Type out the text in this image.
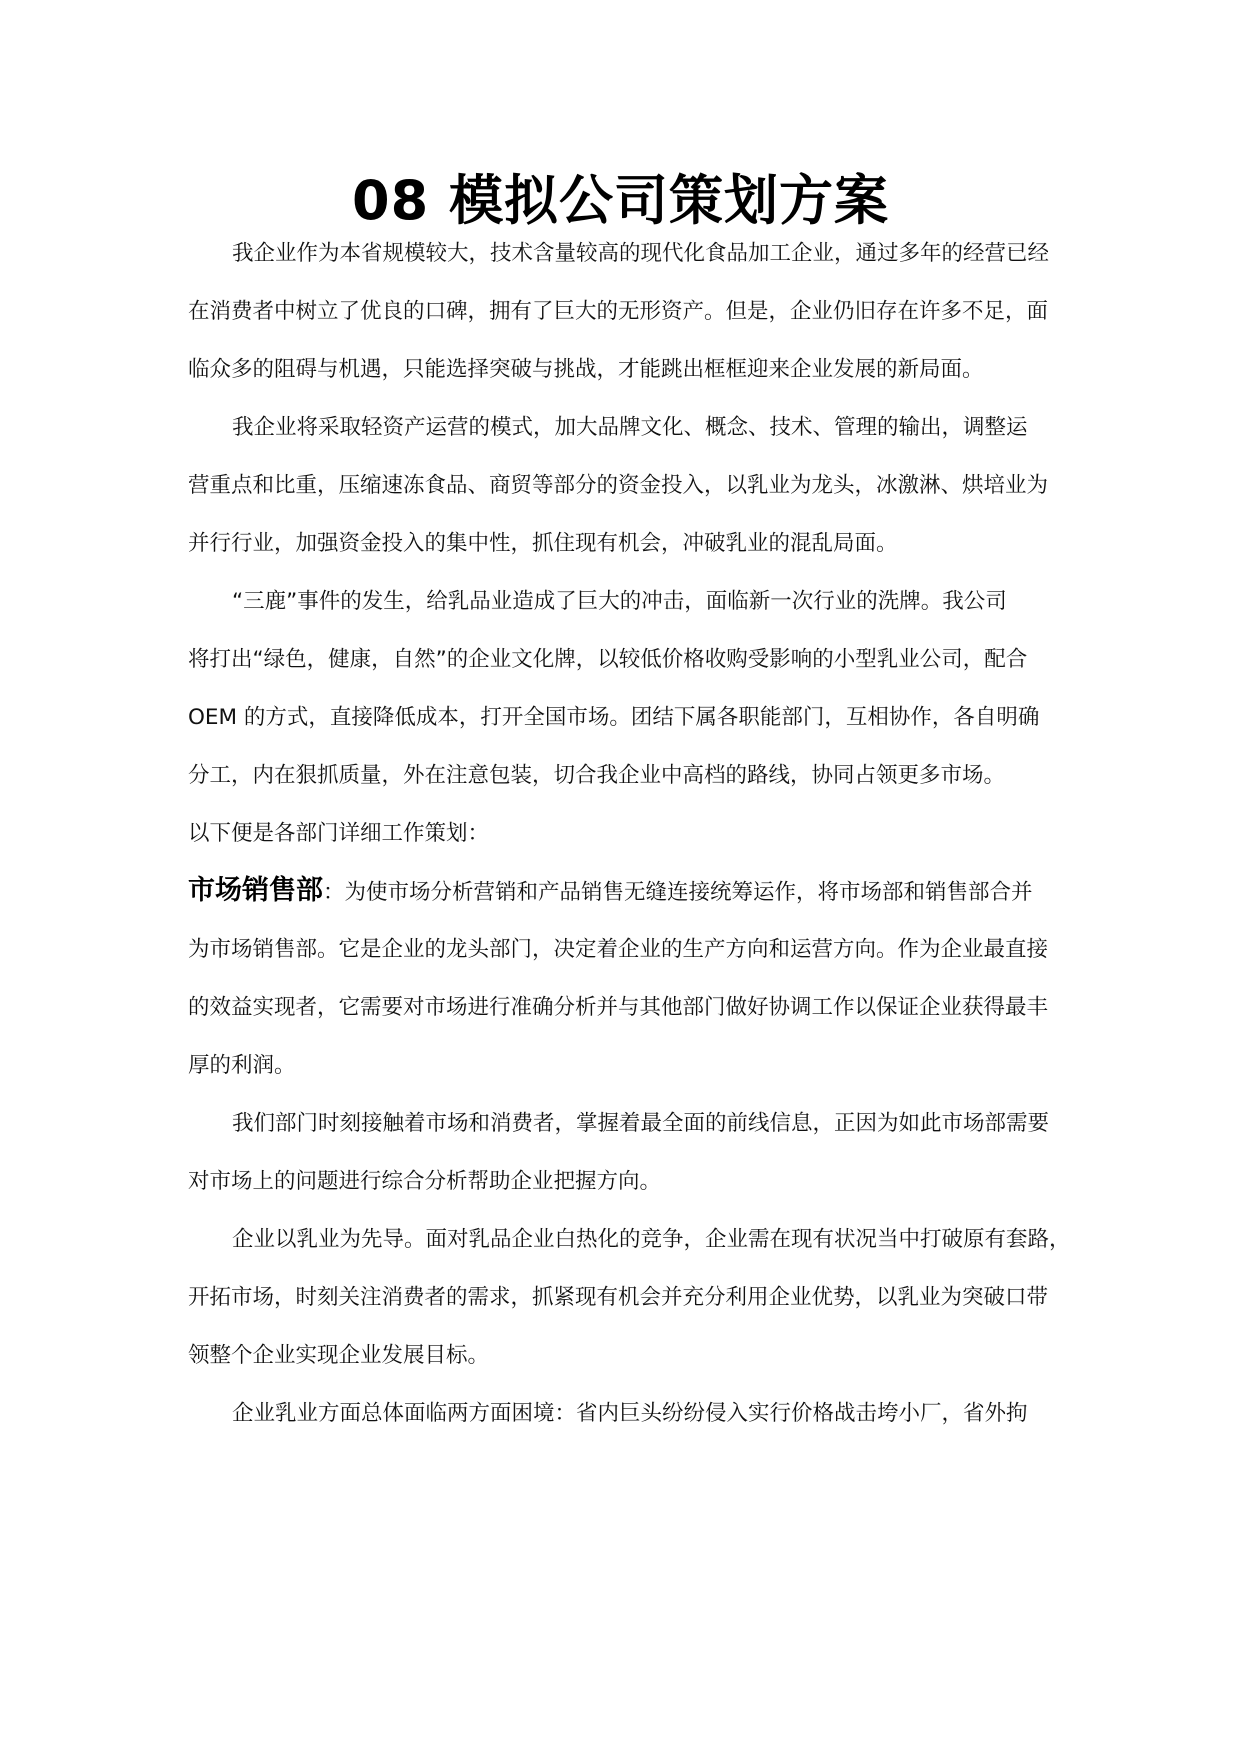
08 模拟公司策划方案
我企业作为本省规模较大，技术含量较高的现代化食品加工企业，通过多年的经营已经
在消费者中树立了优良的口碑，拥有了巨大的无形资产。但是，企业仍旧存在许多不足，面
临众多的阻碍与机遇，只能选择突破与挑战，才能跳出框框迎来企业发展的新局面。
我企业将采取轻资产运营的模式，加大品牌文化、概念、技术、管理的输出，调整运
营重点和比重，压缩速冻食品、商贸等部分的资金投入，以乳业为龙头，冰激淋、烘培业为
并行行业，加强资金投入的集中性，抓住现有机会，冲破乳业的混乱局面。
“三鹿”事件的发生，给乳品业造成了巨大的冲击，面临新一次行业的洗牌。我公司
将打出“绿色，健康，自然”的企业文化牌，以较低价格收购受影响的小型乳业公司，配合
OEM 的方式，直接降低成本，打开全国市场。团结下属各职能部门，互相协作，各自明确
分工，内在狠抓质量，外在注意包装，切合我企业中高档的路线，协同占领更多市场。
以下便是各部门详细工作策划：
市场销售部：为使市场分析营销和产品销售无缝连接统筹运作，将市场部和销售部合并
为市场销售部。它是企业的龙头部门，决定着企业的生产方向和运营方向。作为企业最直接
的效益实现者，它需要对市场进行准确分析并与其他部门做好协调工作以保证企业获得最丰
厚的利润。
我们部门时刻接触着市场和消费者，掌握着最全面的前线信息，正因为如此市场部需要
对市场上的问题进行综合分析帮助企业把握方向。
企业以乳业为先导。面对乳品企业白热化的竞争，企业需在现有状况当中打破原有套路，
开拓市场，时刻关注消费者的需求，抓紧现有机会并充分利用企业优势，以乳业为突破口带
领整个企业实现企业发展目标。
企业乳业方面总体面临两方面困境：省内巨头纷纷侵入实行价格战击垮小厂，省外拘
